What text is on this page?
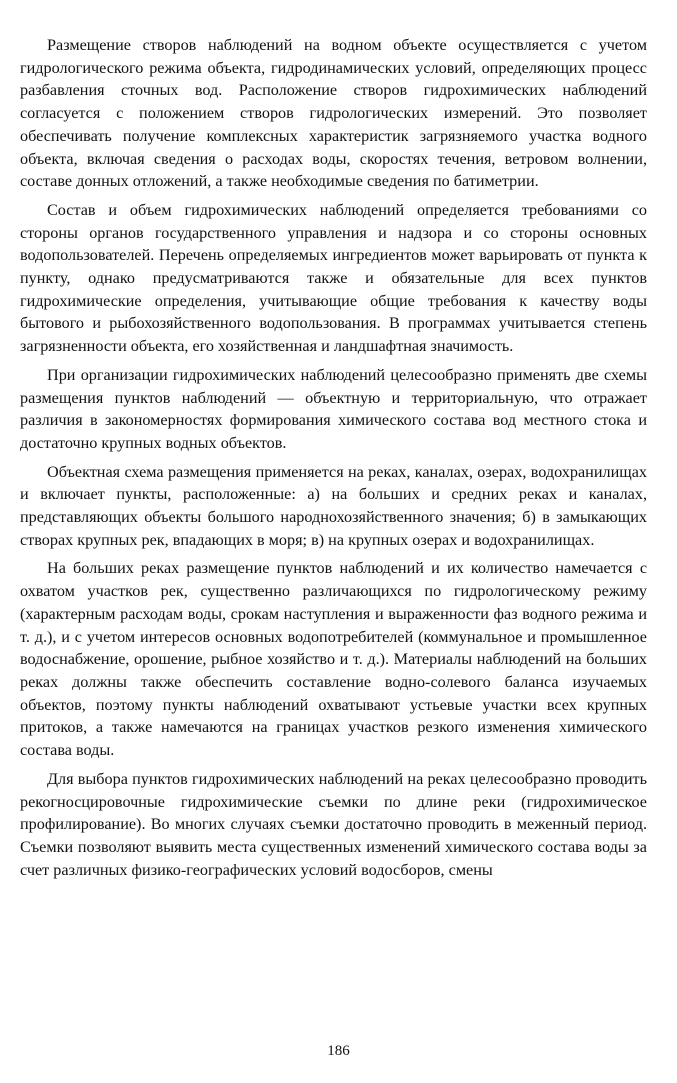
Размещение створов наблюдений на водном объекте осуществляется с учетом гидрологического режима объекта, гидродинамических условий, определяющих процесс разбавления сточных вод. Расположение створов гидрохимических наблюдений согласуется с положением створов гидрологических измерений. Это позволяет обеспечивать получение комплексных характеристик загрязняемого участка водного объекта, включая сведения о расходах воды, скоростях течения, ветровом волнении, составе донных отложений, а также необходимые сведения по батиметрии.

Состав и объем гидрохимических наблюдений определяется требованиями со стороны органов государственного управления и надзора и со стороны основных водопользователей. Перечень определяемых ингредиентов может варьировать от пункта к пункту, однако предусматриваются также и обязательные для всех пунктов гидрохимические определения, учитывающие общие требования к качеству воды бытового и рыбохозяйственного водопользования. В программах учитывается степень загрязненности объекта, его хозяйственная и ландшафтная значимость.

При организации гидрохимических наблюдений целесообразно применять две схемы размещения пунктов наблюдений — объектную и территориальную, что отражает различия в закономерностях формирования химического состава вод местного стока и достаточно крупных водных объектов.

Объектная схема размещения применяется на реках, каналах, озерах, водохранилищах и включает пункты, расположенные: а) на больших и средних реках и каналах, представляющих объекты большого народнохозяйственного значения; б) в замыкающих створах крупных рек, впадающих в моря; в) на крупных озерах и водохранилищах.

На больших реках размещение пунктов наблюдений и их количество намечается с охватом участков рек, существенно различающихся по гидрологическому режиму (характерным расходам воды, срокам наступления и выраженности фаз водного режима и т. д.), и с учетом интересов основных водопотребителей (коммунальное и промышленное водоснабжение, орошение, рыбное хозяйство и т. д.). Материалы наблюдений на больших реках должны также обеспечить составление водно-солевого баланса изучаемых объектов, поэтому пункты наблюдений охватывают устьевые участки всех крупных притоков, а также намечаются на границах участков резкого изменения химического состава воды.

Для выбора пунктов гидрохимических наблюдений на реках целесообразно проводить рекогносцировочные гидрохимические съемки по длине реки (гидрохимическое профилирование). Во многих случаях съемки достаточно проводить в меженный период. Съемки позволяют выявить места существенных изменений химического состава воды за счет различных физико-географических условий водосборов, смены

186
